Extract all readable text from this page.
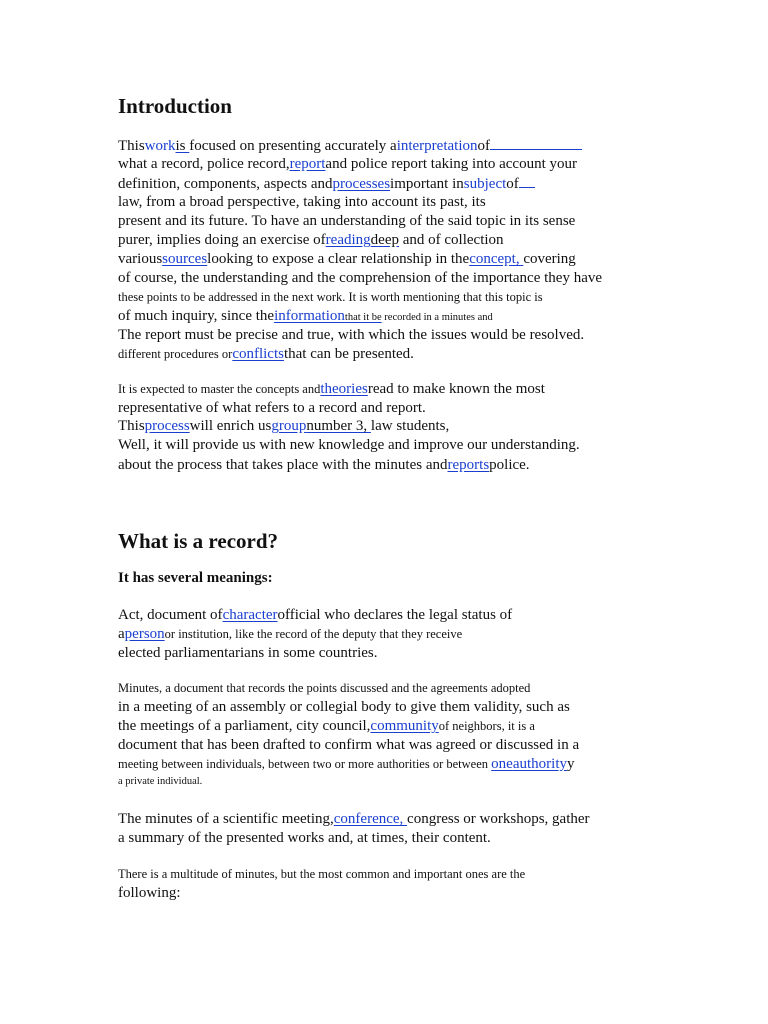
Introduction
Thisworkis focused on presenting accurately ainterpretationof
what a record, police record,reportand police report taking into account your
definition, components, aspects andprocessesimportant insubjectof
law, from a broad perspective, taking into account its past, its
present and its future. To have an understanding of the said topic in its sense
purer, implies doing an exercise ofreadingdeep and of collection
varioussourceslooking to expose a clear relationship in theconcept, covering
of course, the understanding and the comprehension of the importance they have
these points to be addressed in the next work. It is worth mentioning that this topic is
of much inquiry, since theinformationthat it be recorded in a minutes and
The report must be precise and true, with which the issues would be resolved.
different procedures orconflictsthat can be presented.
It is expected to master the concepts andtheoriesread to make known the most
representative of what refers to a record and report.
Thisprocesswill enrich usgroupnumber 3, law students,
Well, it will provide us with new knowledge and improve our understanding.
about the process that takes place with the minutes andreportspolice.
What is a record?
It has several meanings:
Act, document ofcharacterofficial who declares the legal status of
apersonor institution, like the record of the deputy that they receive
elected parliamentarians in some countries.
Minutes, a document that records the points discussed and the agreements adopted
in a meeting of an assembly or collegial body to give them validity, such as
the meetings of a parliament, city council,communityof neighbors, it is a
document that has been drafted to confirm what was agreed or discussed in a
meeting between individuals, between two or more authorities or between oneauthorityy
a private individual.
The minutes of a scientific meeting,conference, congress or workshops, gather
a summary of the presented works and, at times, their content.
There is a multitude of minutes, but the most common and important ones are the
following:
